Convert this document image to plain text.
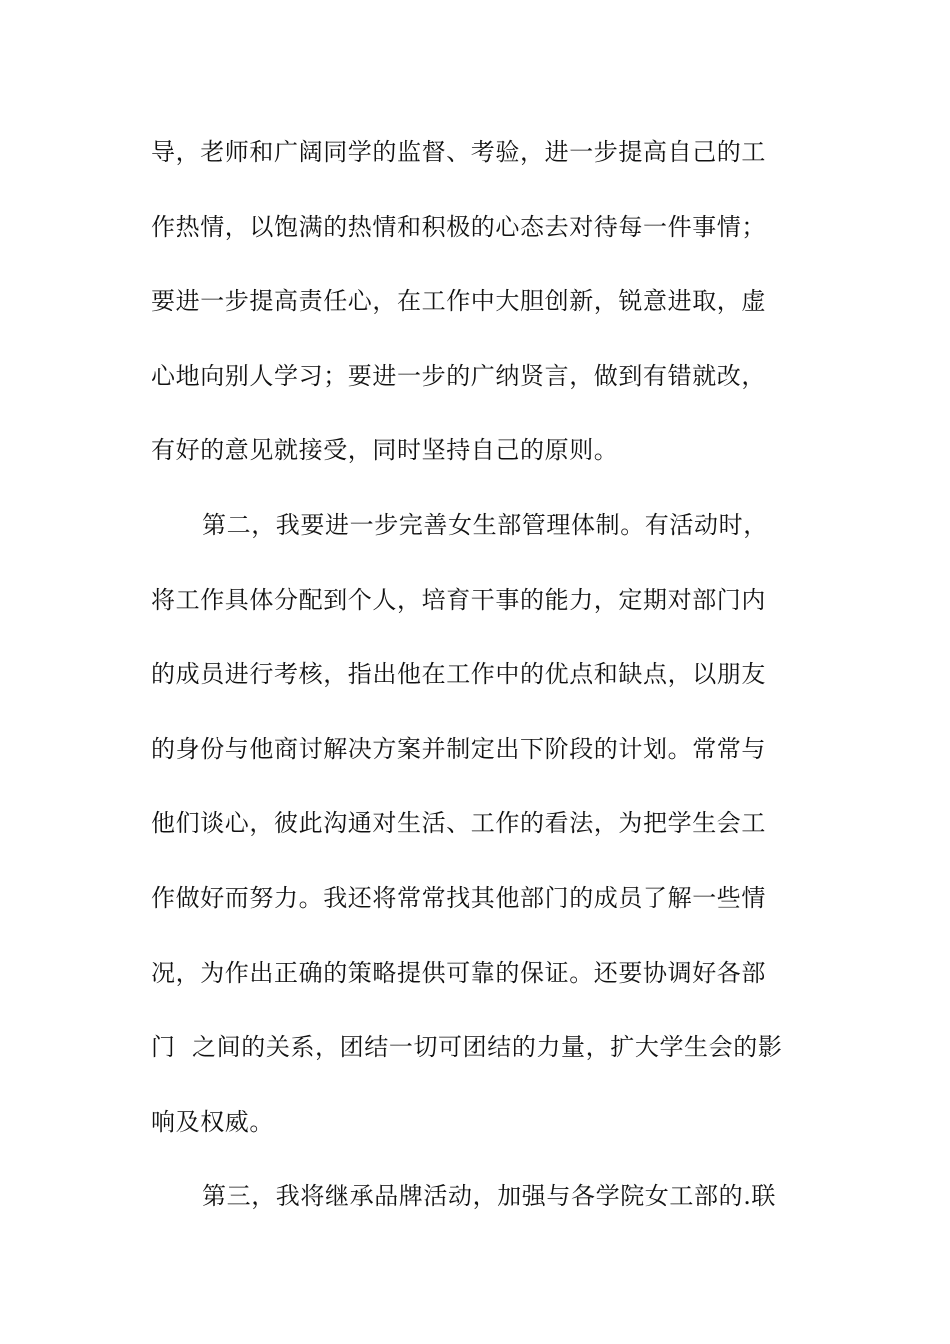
导，老师和广阔同学的监督、考验，进一步提高自己的工
作热情，以饱满的热情和积极的心态去对待每一件事情；
要进一步提高责任心，在工作中大胆创新，锐意进取，虚
心地向别人学习；要进一步的广纳贤言，做到有错就改，
有好的意见就接受，同时坚持自己的原则。
第二，我要进一步完善女生部管理体制。有活动时，
将工作具体分配到个人，培育干事的能力，定期对部门内
的成员进行考核，指出他在工作中的优点和缺点，以朋友
的身份与他商讨解决方案并制定出下阶段的计划。常常与
他们谈心，彼此沟通对生活、工作的看法，为把学生会工
作做好而努力。我还将常常找其他部门的成员了解一些情
况，为作出正确的策略提供可靠的保证。还要协调好各部
门  之间的关系，团结一切可团结的力量，扩大学生会的影
响及权威。
第三，我将继承品牌活动，加强与各学院女工部的.联
